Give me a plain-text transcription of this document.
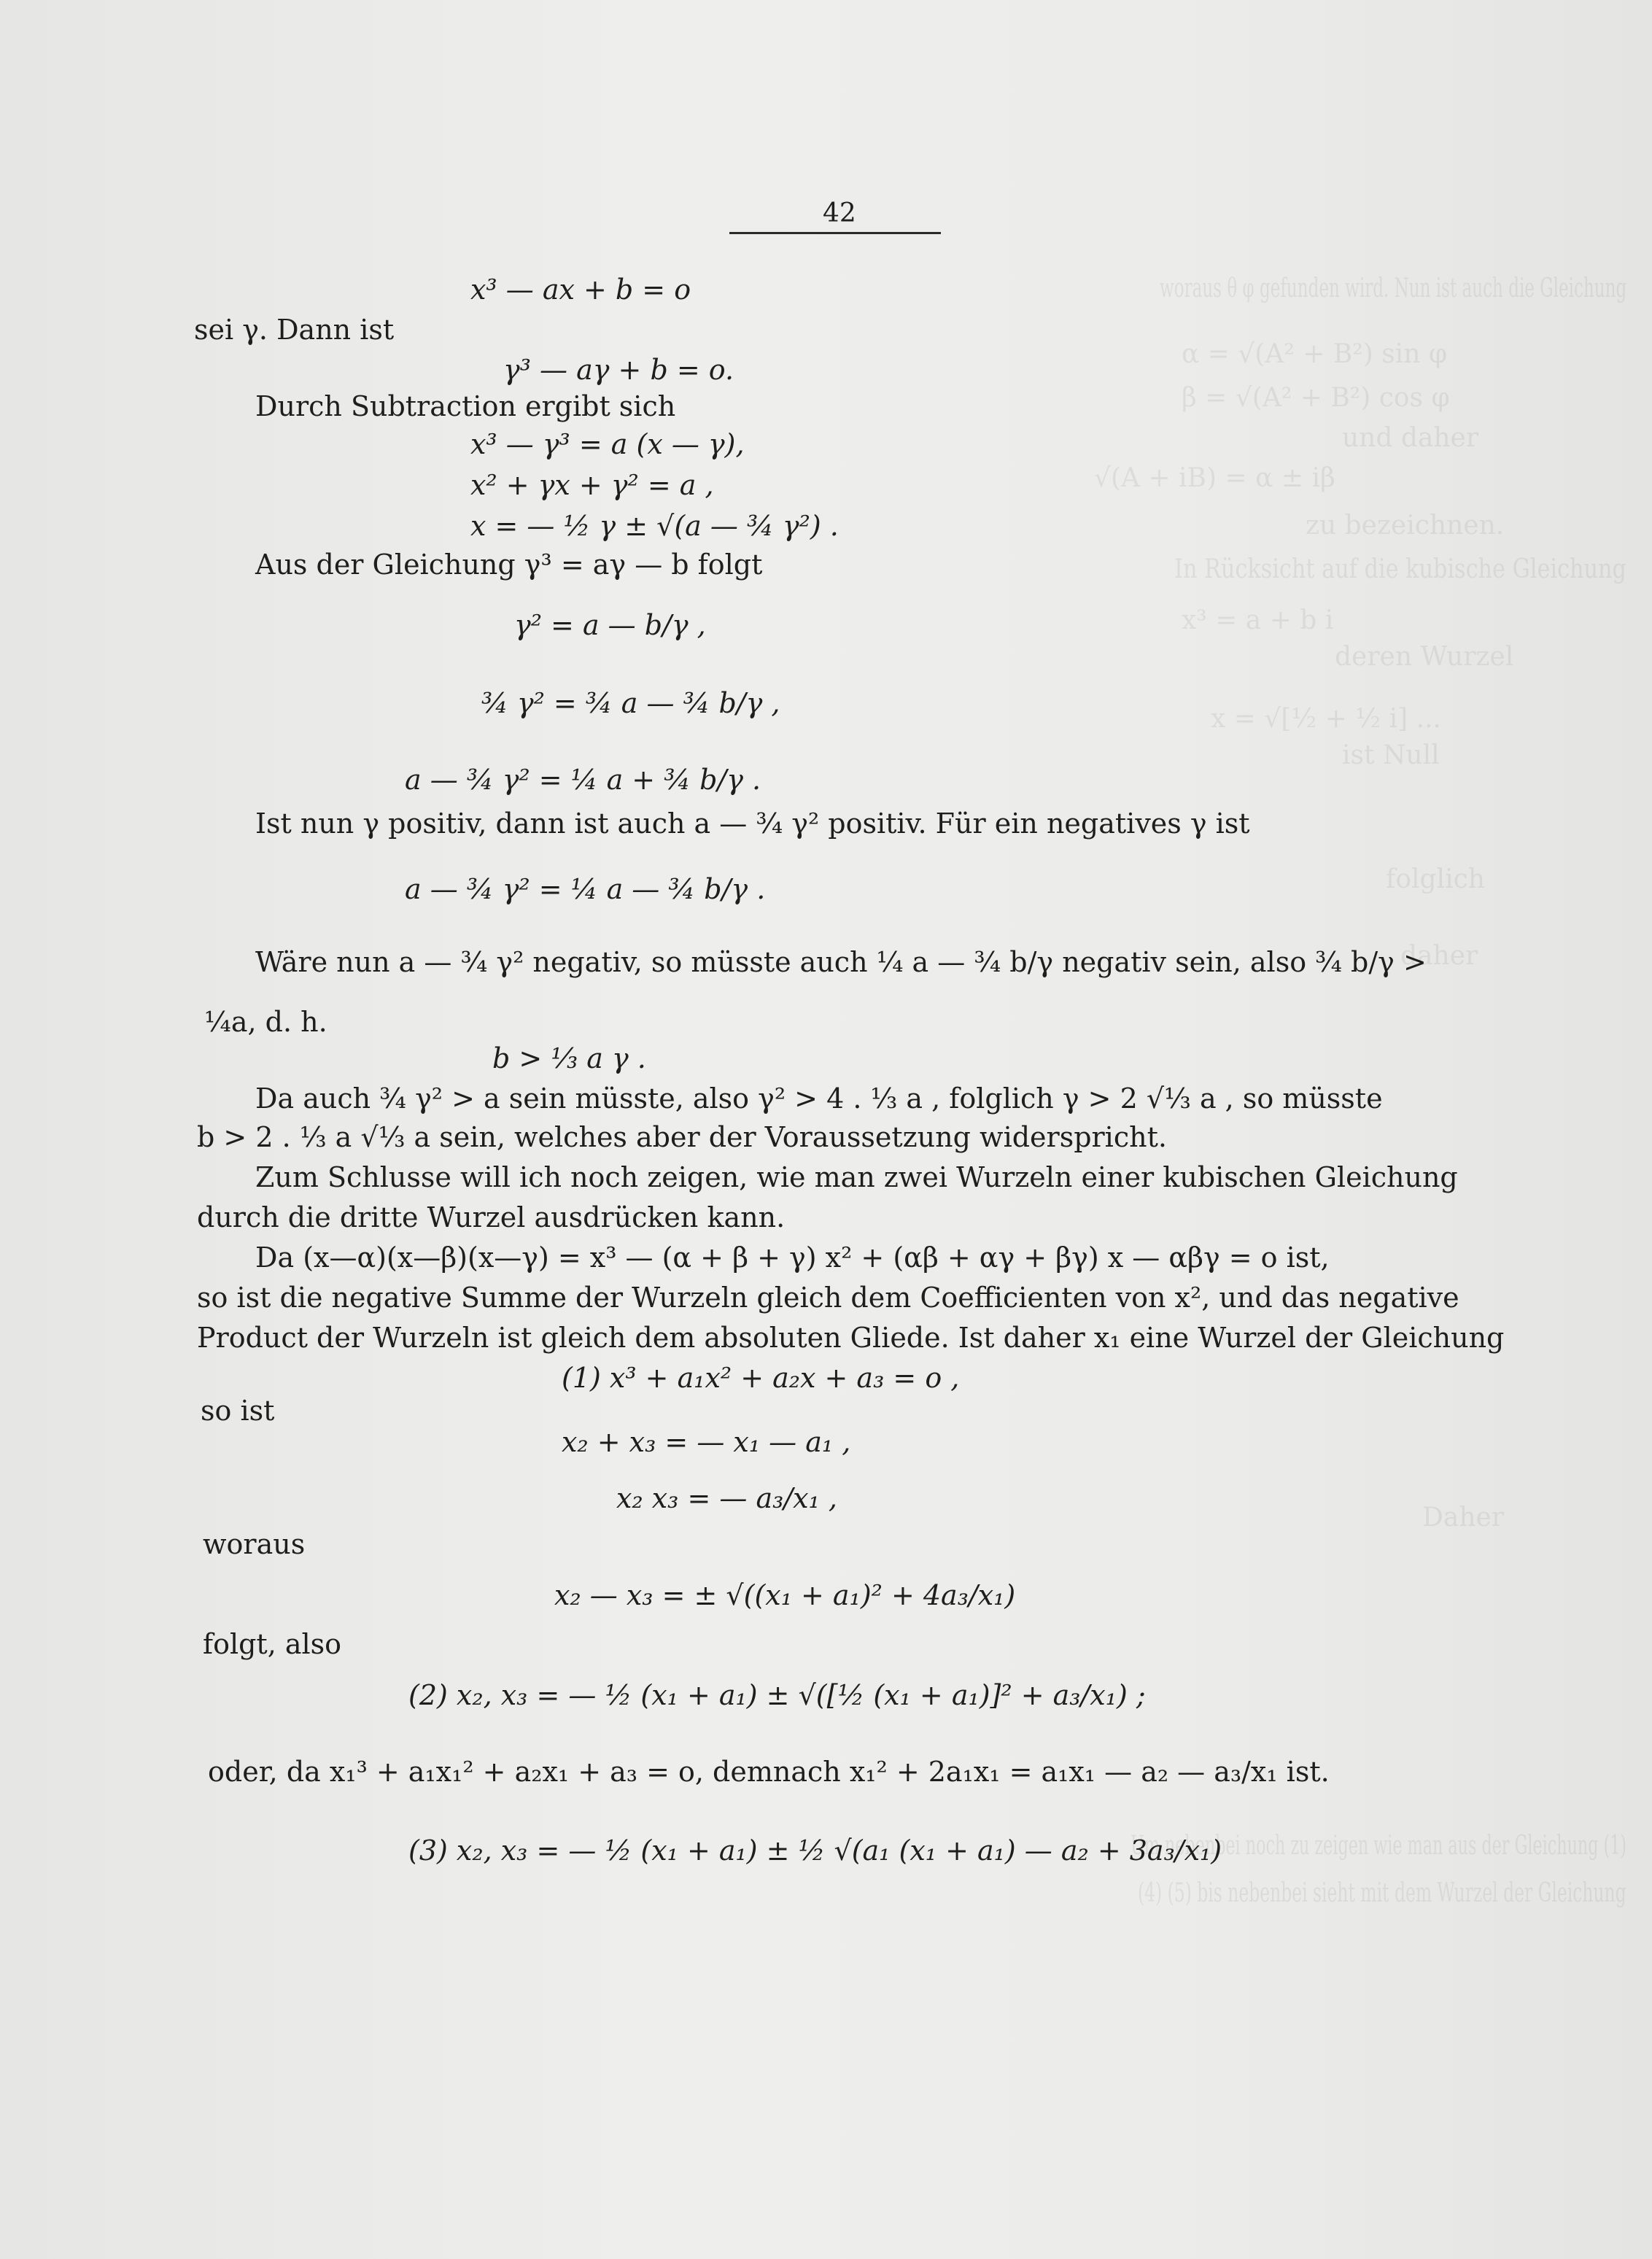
42
woraus θ φ gefunden wird. Nun ist auch die Gleichung
α = √(A² + B²) sin φ
β = √(A² + B²) cos φ
und daher
√(A + iB) = α ± iβ
zu bezeichnen.
In Rücksicht auf die kubische Gleichung
x³ = a + b i
deren Wurzel
x = √[½ + ½ i] ...
ist Null
folglich
daher
Daher
Um nebenbei noch zu zeigen wie man aus der Gleichung (1)
(4) (5) bis nebenbei sieht mit dem Wurzel der Gleichung
x³ — ax + b = o
sei γ. Dann ist
γ³ — aγ + b = o.
Durch Subtraction ergibt sich
x³ — γ³ = a (x — γ),
x² + γx + γ² = a ,
x = — ½ γ ± √(a — ¾ γ²) .
Aus der Gleichung γ³ = aγ — b folgt
γ² = a — b/γ ,
¾ γ² = ¾ a — ¾ b/γ ,
a — ¾ γ² = ¼ a + ¾ b/γ .
Ist nun γ positiv, dann ist auch a — ¾ γ² positiv. Für ein negatives γ ist
a — ¾ γ² = ¼ a — ¾ b/γ .
Wäre nun a — ¾ γ² negativ, so müsste auch ¼ a — ¾ b/γ negativ sein, also ¾ b/γ >
¼a, d. h.
b > ⅓ a γ .
Da auch ¾ γ² > a sein müsste, also γ² > 4 . ⅓ a , folglich γ > 2 √⅓ a , so müsste
b > 2 . ⅓ a √⅓ a sein, welches aber der Voraussetzung widerspricht.
Zum Schlusse will ich noch zeigen, wie man zwei Wurzeln einer kubischen Gleichung
durch die dritte Wurzel ausdrücken kann.
Da (x—α)(x—β)(x—γ) = x³ — (α + β + γ) x² + (αβ + αγ + βγ) x — αβγ = o ist,
so ist die negative Summe der Wurzeln gleich dem Coefficienten von x², und das negative
Product der Wurzeln ist gleich dem absoluten Gliede. Ist daher x₁ eine Wurzel der Gleichung
(1) x³ + a₁x² + a₂x + a₃ = o ,
so ist
x₂ + x₃ = — x₁ — a₁ ,
x₂ x₃ = — a₃/x₁ ,
woraus
x₂ — x₃ = ± √((x₁ + a₁)² + 4a₃/x₁)
folgt, also
(2) x₂, x₃ = — ½ (x₁ + a₁) ± √([½ (x₁ + a₁)]² + a₃/x₁) ;
oder, da x₁³ + a₁x₁² + a₂x₁ + a₃ = o, demnach x₁² + 2a₁x₁ = a₁x₁ — a₂ — a₃/x₁ ist.
(3) x₂, x₃ = — ½ (x₁ + a₁) ± ½ √(a₁ (x₁ + a₁) — a₂ + 3a₃/x₁)
